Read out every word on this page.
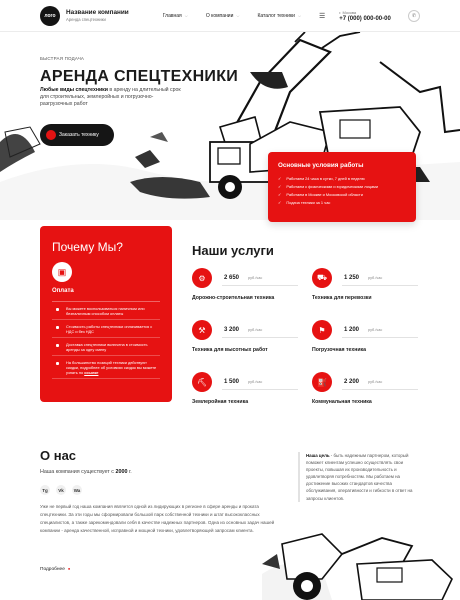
лого	Название компании
Аренда спецтехники
Главная ⌵	О компании ⌵	Каталог техники ⌵	☰
г. Москва
+7 (000) 000-00-00	✆
БЫСТРАЯ ПОДАЧА
АРЕНДА СПЕЦТЕХНИКИ

Любые виды спецтехники в аренду на длительный срок для строительных, землеройных и погрузочно-разгрузочных работ

Заказать технику
Основные условия работы
✓ Работаем 24 часа в сутки, 7 дней в неделю
✓ Работаем с физическими и юридическими лицами
✓ Работаем в Москве и Московской области
✓ Подача техники за 1 час
Почему Мы?
▣
Оплата
Вы можете воспользоваться наличным или безналичным способом оплаты
Стоимость работы спецтехники оплачивается с НДС и без НДС
Доставка спецтехники включена в стоимость аренды за одну смену
На большинство позиций техники действуют скидки, подробнее об условиях скидок вы можете узнать по ссылке
Наши услуги
⚙	2 650 руб./час
Дорожно-строительная техника
⛟	1 250 руб./час
Техника для перевозки
⚒	3 200 руб./час
Техника для высотных работ
⚑	1 200 руб./час
Погрузочная техника
⛏	1 500 руб./час
Землеройная техника
⛽	2 200 руб./час
Коммунальная техника
О нас

Наша компания существует с 2000 г.

Tg	Vk	Wa

Уже не первый год наша компания является одной из лидирующих в регионе в сфере аренды и проката спецтехники. За эти годы мы сформировали большой парк собственной техники и штат высококлассных специалистов, а также зарекомендовали себя в качестве надежных партнеров. Одна из основных задач нашей компании - аренда качественной, исправной и мощной техники, удовлетворяющей запросам клиента.

Подробнее ●

Наша цель - быть надежным партнером, который поможет клиентам успешно осуществлять свои проекты, повышая их производительность и удовлетворяя потребностям. Мы работаем на достижение высоких стандартов качества обслуживания, оперативности и гибкости в ответ на запросы клиентов.
